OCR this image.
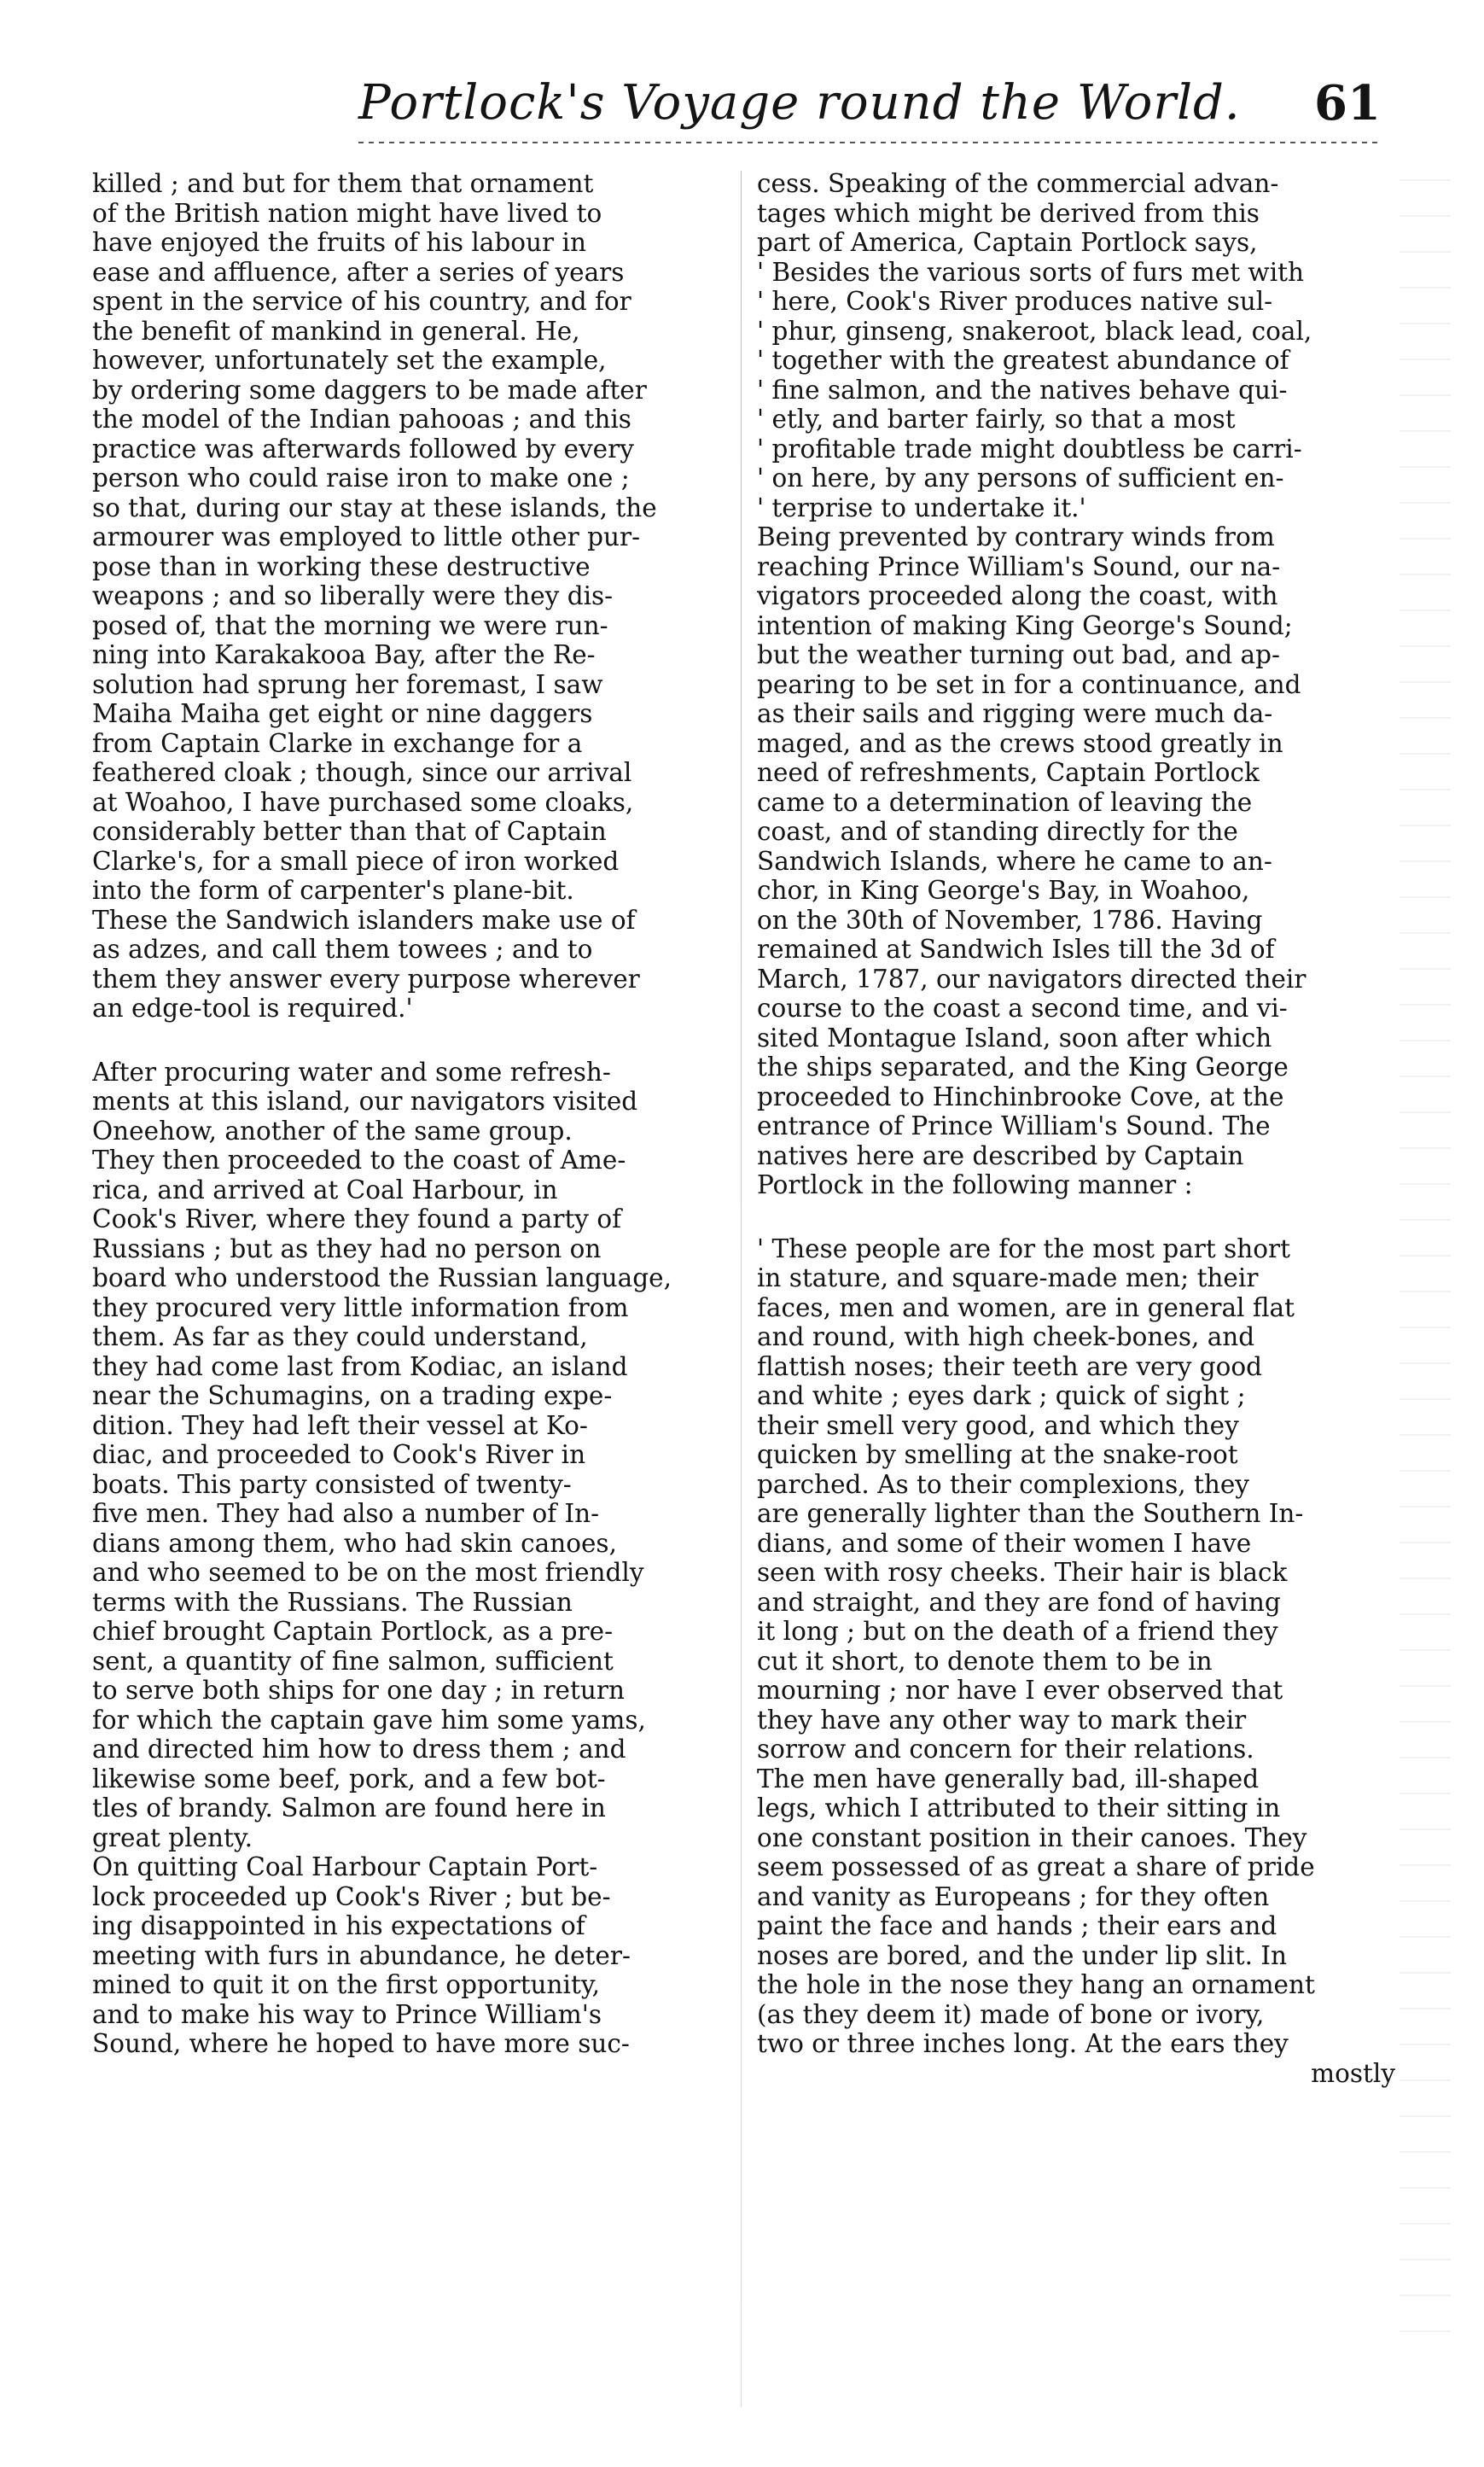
Portlock's Voyage round the World. 61
killed ; and but for them that ornament
of the British nation might have lived to
have enjoyed the fruits of his labour in
ease and affluence, after a series of years
spent in the service of his country, and for
the benefit of mankind in general. He,
however, unfortunately set the example,
by ordering some daggers to be made after
the model of the Indian pahooas ; and this
practice was afterwards followed by every
person who could raise iron to make one ;
so that, during our stay at these islands, the
armourer was employed to little other pur-
pose than in working these destructive
weapons ; and so liberally were they dis-
posed of, that the morning we were run-
ning into Karakakooa Bay, after the Re-
solution had sprung her foremast, I saw
Maiha Maiha get eight or nine daggers
from Captain Clarke in exchange for a
feathered cloak ; though, since our arrival
at Woahoo, I have purchased some cloaks,
considerably better than that of Captain
Clarke's, for a small piece of iron worked
into the form of carpenter's plane-bit.
These the Sandwich islanders make use of
as adzes, and call them towees ; and to
them they answer every purpose wherever
an edge-tool is required.'
After procuring water and some refresh-
ments at this island, our navigators visited
Oneehow, another of the same group.
They then proceeded to the coast of Ame-
rica, and arrived at Coal Harbour, in
Cook's River, where they found a party of
Russians ; but as they had no person on
board who understood the Russian language,
they procured very little information from
them. As far as they could understand,
they had come last from Kodiac, an island
near the Schumagins, on a trading expe-
dition. They had left their vessel at Ko-
diac, and proceeded to Cook's River in
boats. This party consisted of twenty-
five men. They had also a number of In-
dians among them, who had skin canoes,
and who seemed to be on the most friendly
terms with the Russians. The Russian
chief brought Captain Portlock, as a pre-
sent, a quantity of fine salmon, sufficient
to serve both ships for one day ; in return
for which the captain gave him some yams,
and directed him how to dress them ; and
likewise some beef, pork, and a few bot-
tles of brandy. Salmon are found here in
great plenty.
On quitting Coal Harbour Captain Port-
lock proceeded up Cook's River ; but be-
ing disappointed in his expectations of
meeting with furs in abundance, he deter-
mined to quit it on the first opportunity,
and to make his way to Prince William's
Sound, where he hoped to have more suc-
cess. Speaking of the commercial advan-
tages which might be derived from this
part of America, Captain Portlock says,
' Besides the various sorts of furs met with
' here, Cook's River produces native sul-
' phur, ginseng, snakeroot, black lead, coal,
' together with the greatest abundance of
' fine salmon, and the natives behave qui-
' etly, and barter fairly, so that a most
' profitable trade might doubtless be carri-
' on here, by any persons of sufficient en-
' terprise to undertake it.'
Being prevented by contrary winds from
reaching Prince William's Sound, our na-
vigators proceeded along the coast, with
intention of making King George's Sound;
but the weather turning out bad, and ap-
pearing to be set in for a continuance, and
as their sails and rigging were much da-
maged, and as the crews stood greatly in
need of refreshments, Captain Portlock
came to a determination of leaving the
coast, and of standing directly for the
Sandwich Islands, where he came to an-
chor, in King George's Bay, in Woahoo,
on the 30th of November, 1786. Having
remained at Sandwich Isles till the 3d of
March, 1787, our navigators directed their
course to the coast a second time, and vi-
sited Montague Island, soon after which
the ships separated, and the King George
proceeded to Hinchinbrooke Cove, at the
entrance of Prince William's Sound. The
natives here are described by Captain
Portlock in the following manner :
' These people are for the most part short
in stature, and square-made men; their
faces, men and women, are in general flat
and round, with high cheek-bones, and
flattish noses; their teeth are very good
and white ; eyes dark ; quick of sight ;
their smell very good, and which they
quicken by smelling at the snake-root
parched. As to their complexions, they
are generally lighter than the Southern In-
dians, and some of their women I have
seen with rosy cheeks. Their hair is black
and straight, and they are fond of having
it long ; but on the death of a friend they
cut it short, to denote them to be in
mourning ; nor have I ever observed that
they have any other way to mark their
sorrow and concern for their relations.
The men have generally bad, ill-shaped
legs, which I attributed to their sitting in
one constant position in their canoes. They
seem possessed of as great a share of pride
and vanity as Europeans ; for they often
paint the face and hands ; their ears and
noses are bored, and the under lip slit. In
the hole in the nose they hang an ornament
(as they deem it) made of bone or ivory,
two or three inches long. At the ears they
mostly
